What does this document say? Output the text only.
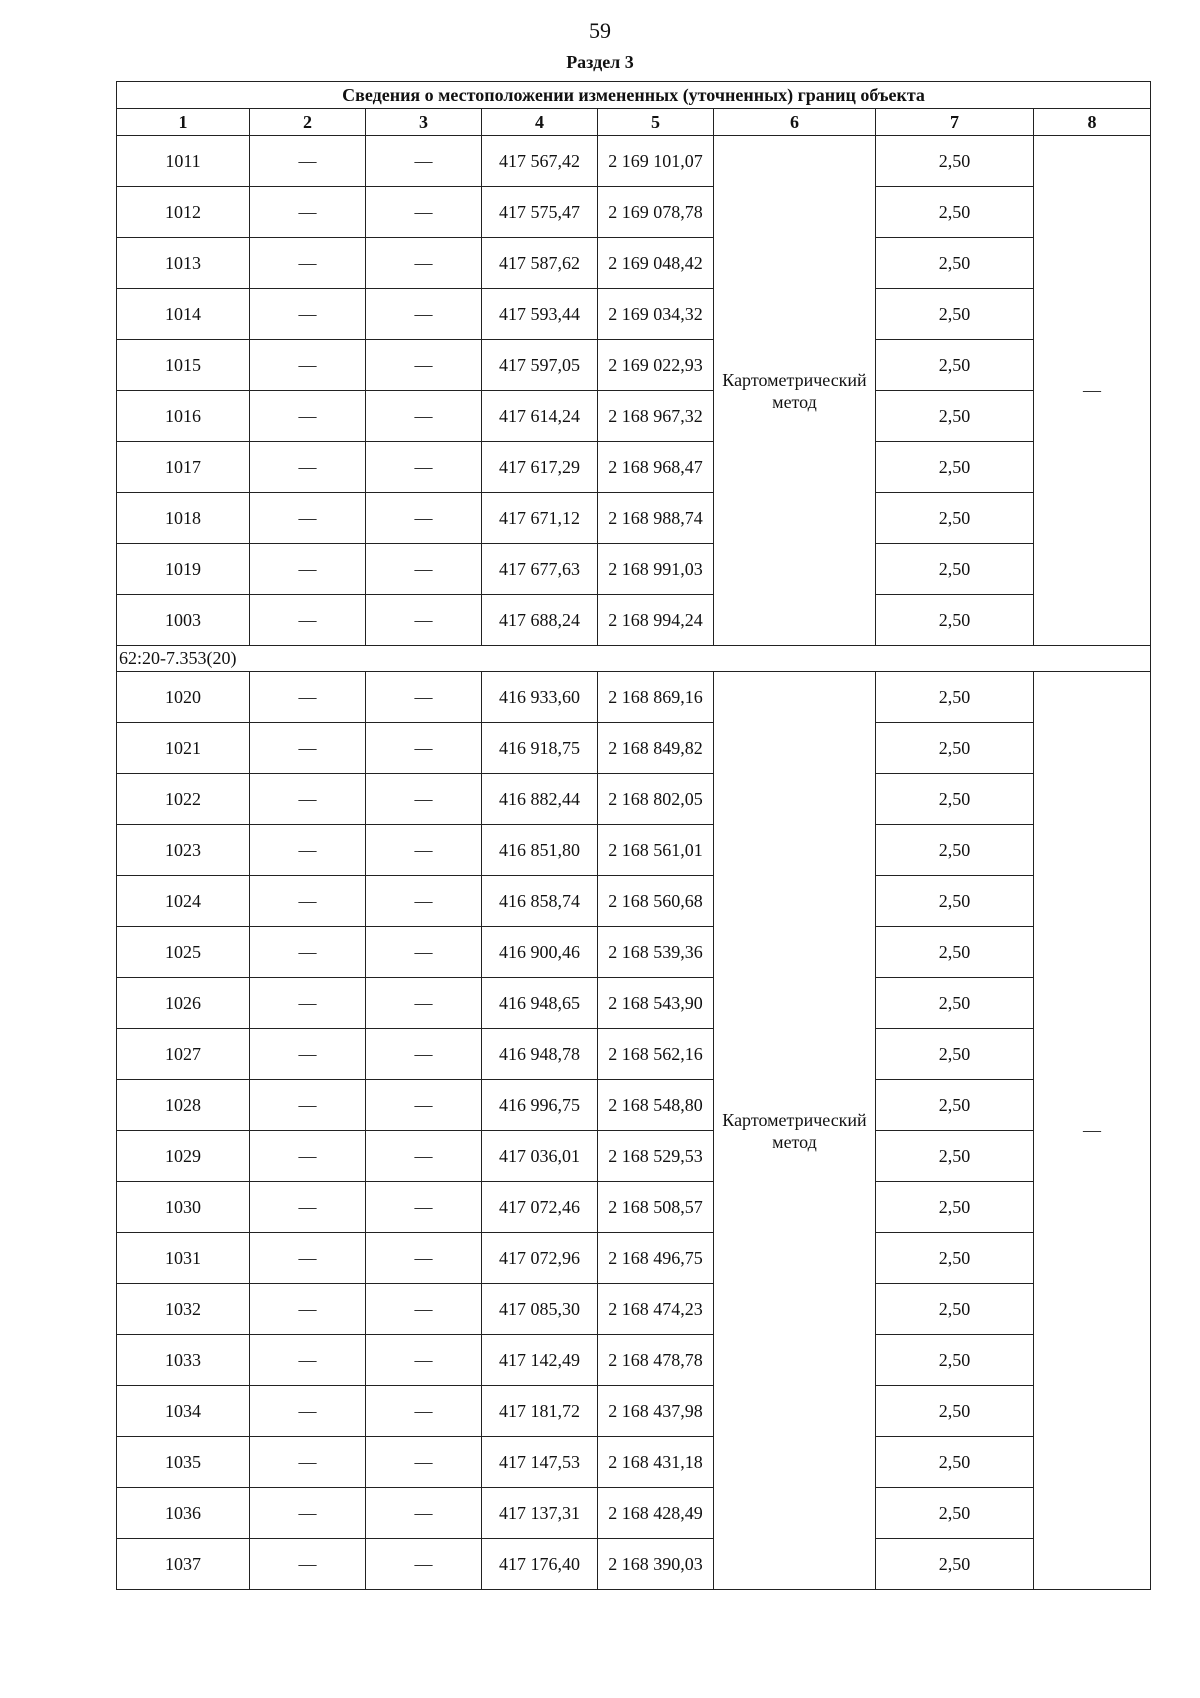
59
Раздел 3
Сведения о местоположении измененных (уточненных) границ объекта							
1	2	3	4	5	6	7	8
1011	—	—	417 567,42	2 169 101,07	Картометрический метод	2,50	—
1012	—	—	417 575,47	2 169 078,78		2,50	
1013	—	—	417 587,62	2 169 048,42		2,50	
1014	—	—	417 593,44	2 169 034,32		2,50	
1015	—	—	417 597,05	2 169 022,93		2,50	
1016	—	—	417 614,24	2 168 967,32		2,50	
1017	—	—	417 617,29	2 168 968,47		2,50	
1018	—	—	417 671,12	2 168 988,74		2,50	
1019	—	—	417 677,63	2 168 991,03		2,50	
1003	—	—	417 688,24	2 168 994,24		2,50	
62:20-7.353(20)							
1020	—	—	416 933,60	2 168 869,16	Картометрический метод	2,50	—
1021	—	—	416 918,75	2 168 849,82		2,50	
1022	—	—	416 882,44	2 168 802,05		2,50	
1023	—	—	416 851,80	2 168 561,01		2,50	
1024	—	—	416 858,74	2 168 560,68		2,50	
1025	—	—	416 900,46	2 168 539,36		2,50	
1026	—	—	416 948,65	2 168 543,90		2,50	
1027	—	—	416 948,78	2 168 562,16		2,50	
1028	—	—	416 996,75	2 168 548,80		2,50	
1029	—	—	417 036,01	2 168 529,53		2,50	
1030	—	—	417 072,46	2 168 508,57		2,50	
1031	—	—	417 072,96	2 168 496,75		2,50	
1032	—	—	417 085,30	2 168 474,23		2,50	
1033	—	—	417 142,49	2 168 478,78		2,50	
1034	—	—	417 181,72	2 168 437,98		2,50	
1035	—	—	417 147,53	2 168 431,18		2,50	
1036	—	—	417 137,31	2 168 428,49		2,50	
1037	—	—	417 176,40	2 168 390,03		2,50	
